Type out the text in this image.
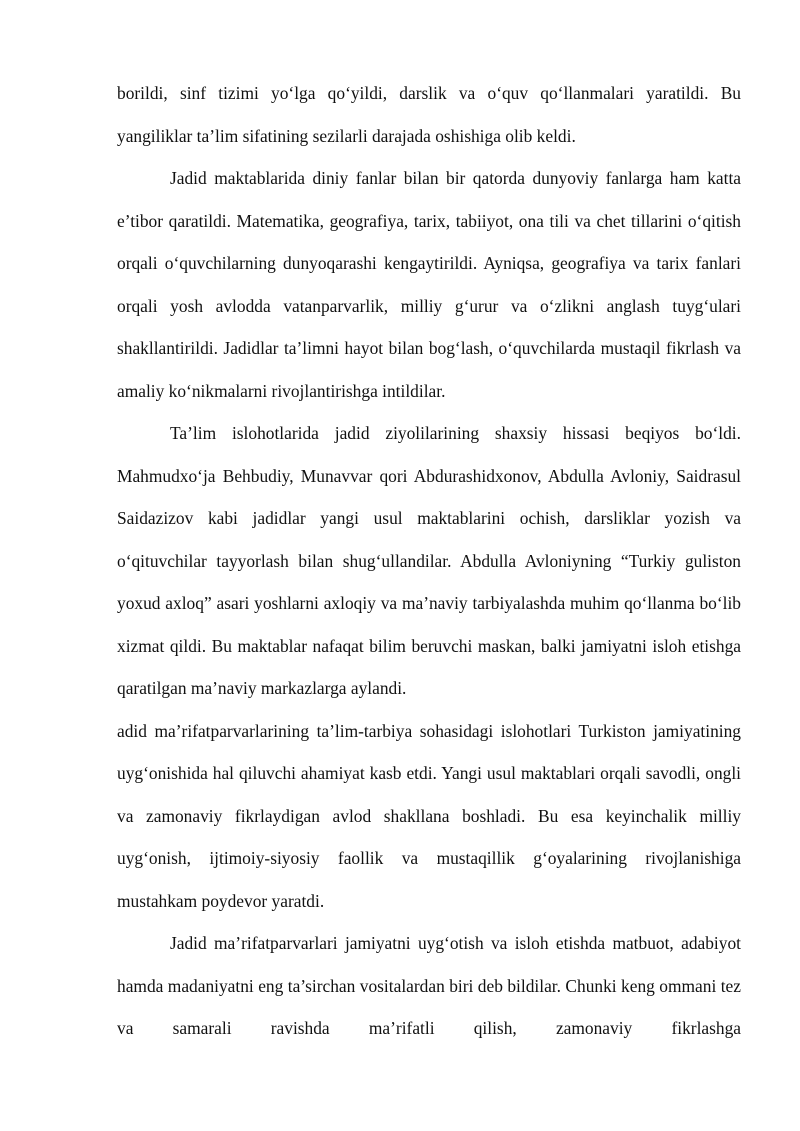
borildi, sinf tizimi yo‘lga qo‘yildi, darslik va o‘quv qo‘llanmalari yaratildi. Bu yangiliklar ta’lim sifatining sezilarli darajada oshishiga olib keldi.

Jadid maktablarida diniy fanlar bilan bir qatorda dunyoviy fanlarga ham katta e’tibor qaratildi. Matematika, geografiya, tarix, tabiiyot, ona tili va chet tillarini o‘qitish orqali o‘quvchilarning dunyoqarashi kengaytirildi. Ayniqsa, geografiya va tarix fanlari orqali yosh avlodda vatanparvarlik, milliy g‘urur va o‘zlikni anglash tuyg‘ulari shakllantirildi. Jadidlar ta’limni hayot bilan bog‘lash, o‘quvchilarda mustaqil fikrlash va amaliy ko‘nikmalarni rivojlantirishga intildilar.

Ta’lim islohotlarida jadid ziyolilarining shaxsiy hissasi beqiyos bo‘ldi. Mahmudxo‘ja Behbudiy, Munavvar qori Abdurashidxonov, Abdulla Avloniy, Saidrasul Saidazizov kabi jadidlar yangi usul maktablarini ochish, darsliklar yozish va o‘qituvchilar tayyorlash bilan shug‘ullandilar. Abdulla Avloniyning “Turkiy guliston yoxud axloq” asari yoshlarni axloqiy va ma’naviy tarbiyalashda muhim qo‘llanma bo‘lib xizmat qildi. Bu maktablar nafaqat bilim beruvchi maskan, balki jamiyatni isloh etishga qaratilgan ma’naviy markazlarga aylandi.

adid ma’rifatparvarlarining ta’lim-tarbiya sohasidagi islohotlari Turkiston jamiyatining uyg‘onishida hal qiluvchi ahamiyat kasb etdi. Yangi usul maktablari orqali savodli, ongli va zamonaviy fikrlaydigan avlod shakllana boshladi. Bu esa keyinchalik milliy uyg‘onish, ijtimoiy-siyosiy faollik va mustaqillik g‘oyalarining rivojlanishiga mustahkam poydevor yaratdi.

Jadid ma’rifatparvarlari jamiyatni uyg‘otish va isloh etishda matbuot, adabiyot hamda madaniyatni eng ta’sirchan vositalardan biri deb bildilar. Chunki keng ommani tez va samarali ravishda ma’rifatli qilish, zamonaviy fikrlashga
